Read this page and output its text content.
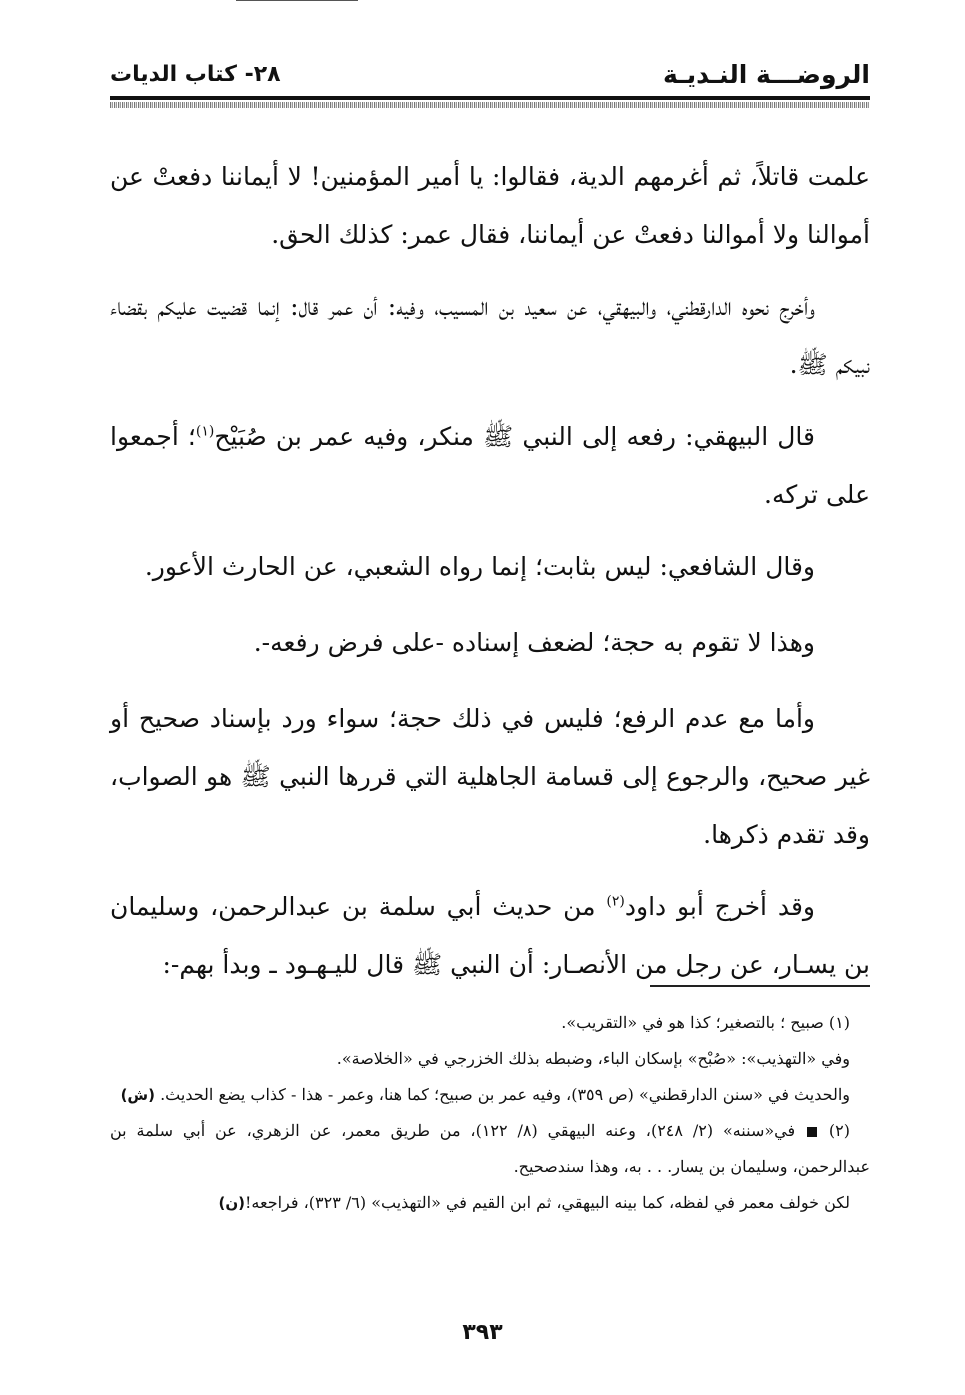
الروضـــة النـديـة
٢٨- كتاب الديات

علمت قاتلاً، ثم أغرمهم الدية، فقالوا: يا أمير المؤمنين! لا أيماننا دفعتْ عن أموالنا ولا أموالنا دفعتْ عن أيماننا، فقال عمر: كذلك الحق.

وأخرج نحوه الدارقطني، والبيهقي، عن سعيد بن المسيب، وفيه: أن عمر قال: إنما قضيت عليكم بقضاء نبيكم ﷺ.

قال البيهقي: رفعه إلى النبي ﷺ منكر، وفيه عمر بن صُبَيْح$^{(١)}$؛ أجمعوا على تركه.

وقال الشافعي: ليس بثابت؛ إنما رواه الشعبي، عن الحارث الأعور.

وهذا لا تقوم به حجة؛ لضعف إسناده -على فرض رفعه-.

وأما مع عدم الرفع؛ فليس في ذلك حجة؛ سواء ورد بإسناد صحيح أو غير صحيح، والرجوع إلى قسامة الجاهلية التي قررها النبي ﷺ هو الصواب، وقد تقدم ذكرها.

وقد أخرج أبو داود$^{(٢)}$ من حديث أبي سلمة بن عبدالرحمن، وسليمان بن يسـار، عن رجل من الأنصـار: أن النبي ﷺ قال لليـهـود ـ وبدأ بهم-:

(١) صبيح ؛ بالتصغير؛ كذا هو في «التقريب».

وفي «التهذيب»: «صُبْح» بإسكان الباء، وضبطه بذلك الخزرجي في «الخلاصة».

والحديث في «سنن الدارقطني» (ص ٣٥٩)، وفيه عمر بن صبيح؛ كما هنا، وعمر - هذا - كذاب يضع الحديث. (ش)

(٢)  في«سننه» (٢/ ٢٤٨)، وعنه البيهقي (٨/ ١٢٢)، من طريق معمر، عن الزهري، عن أبي سلمة بن عبدالرحمن، وسليمان بن يسار. . . به، وهذا سندصحيح.

لكن خولف معمر في لفظه، كما بينه البيهقي، ثم ابن القيم في «التهذيب» (٦/ ٣٢٣)، فراجعه!(ن)

٣٩٣
